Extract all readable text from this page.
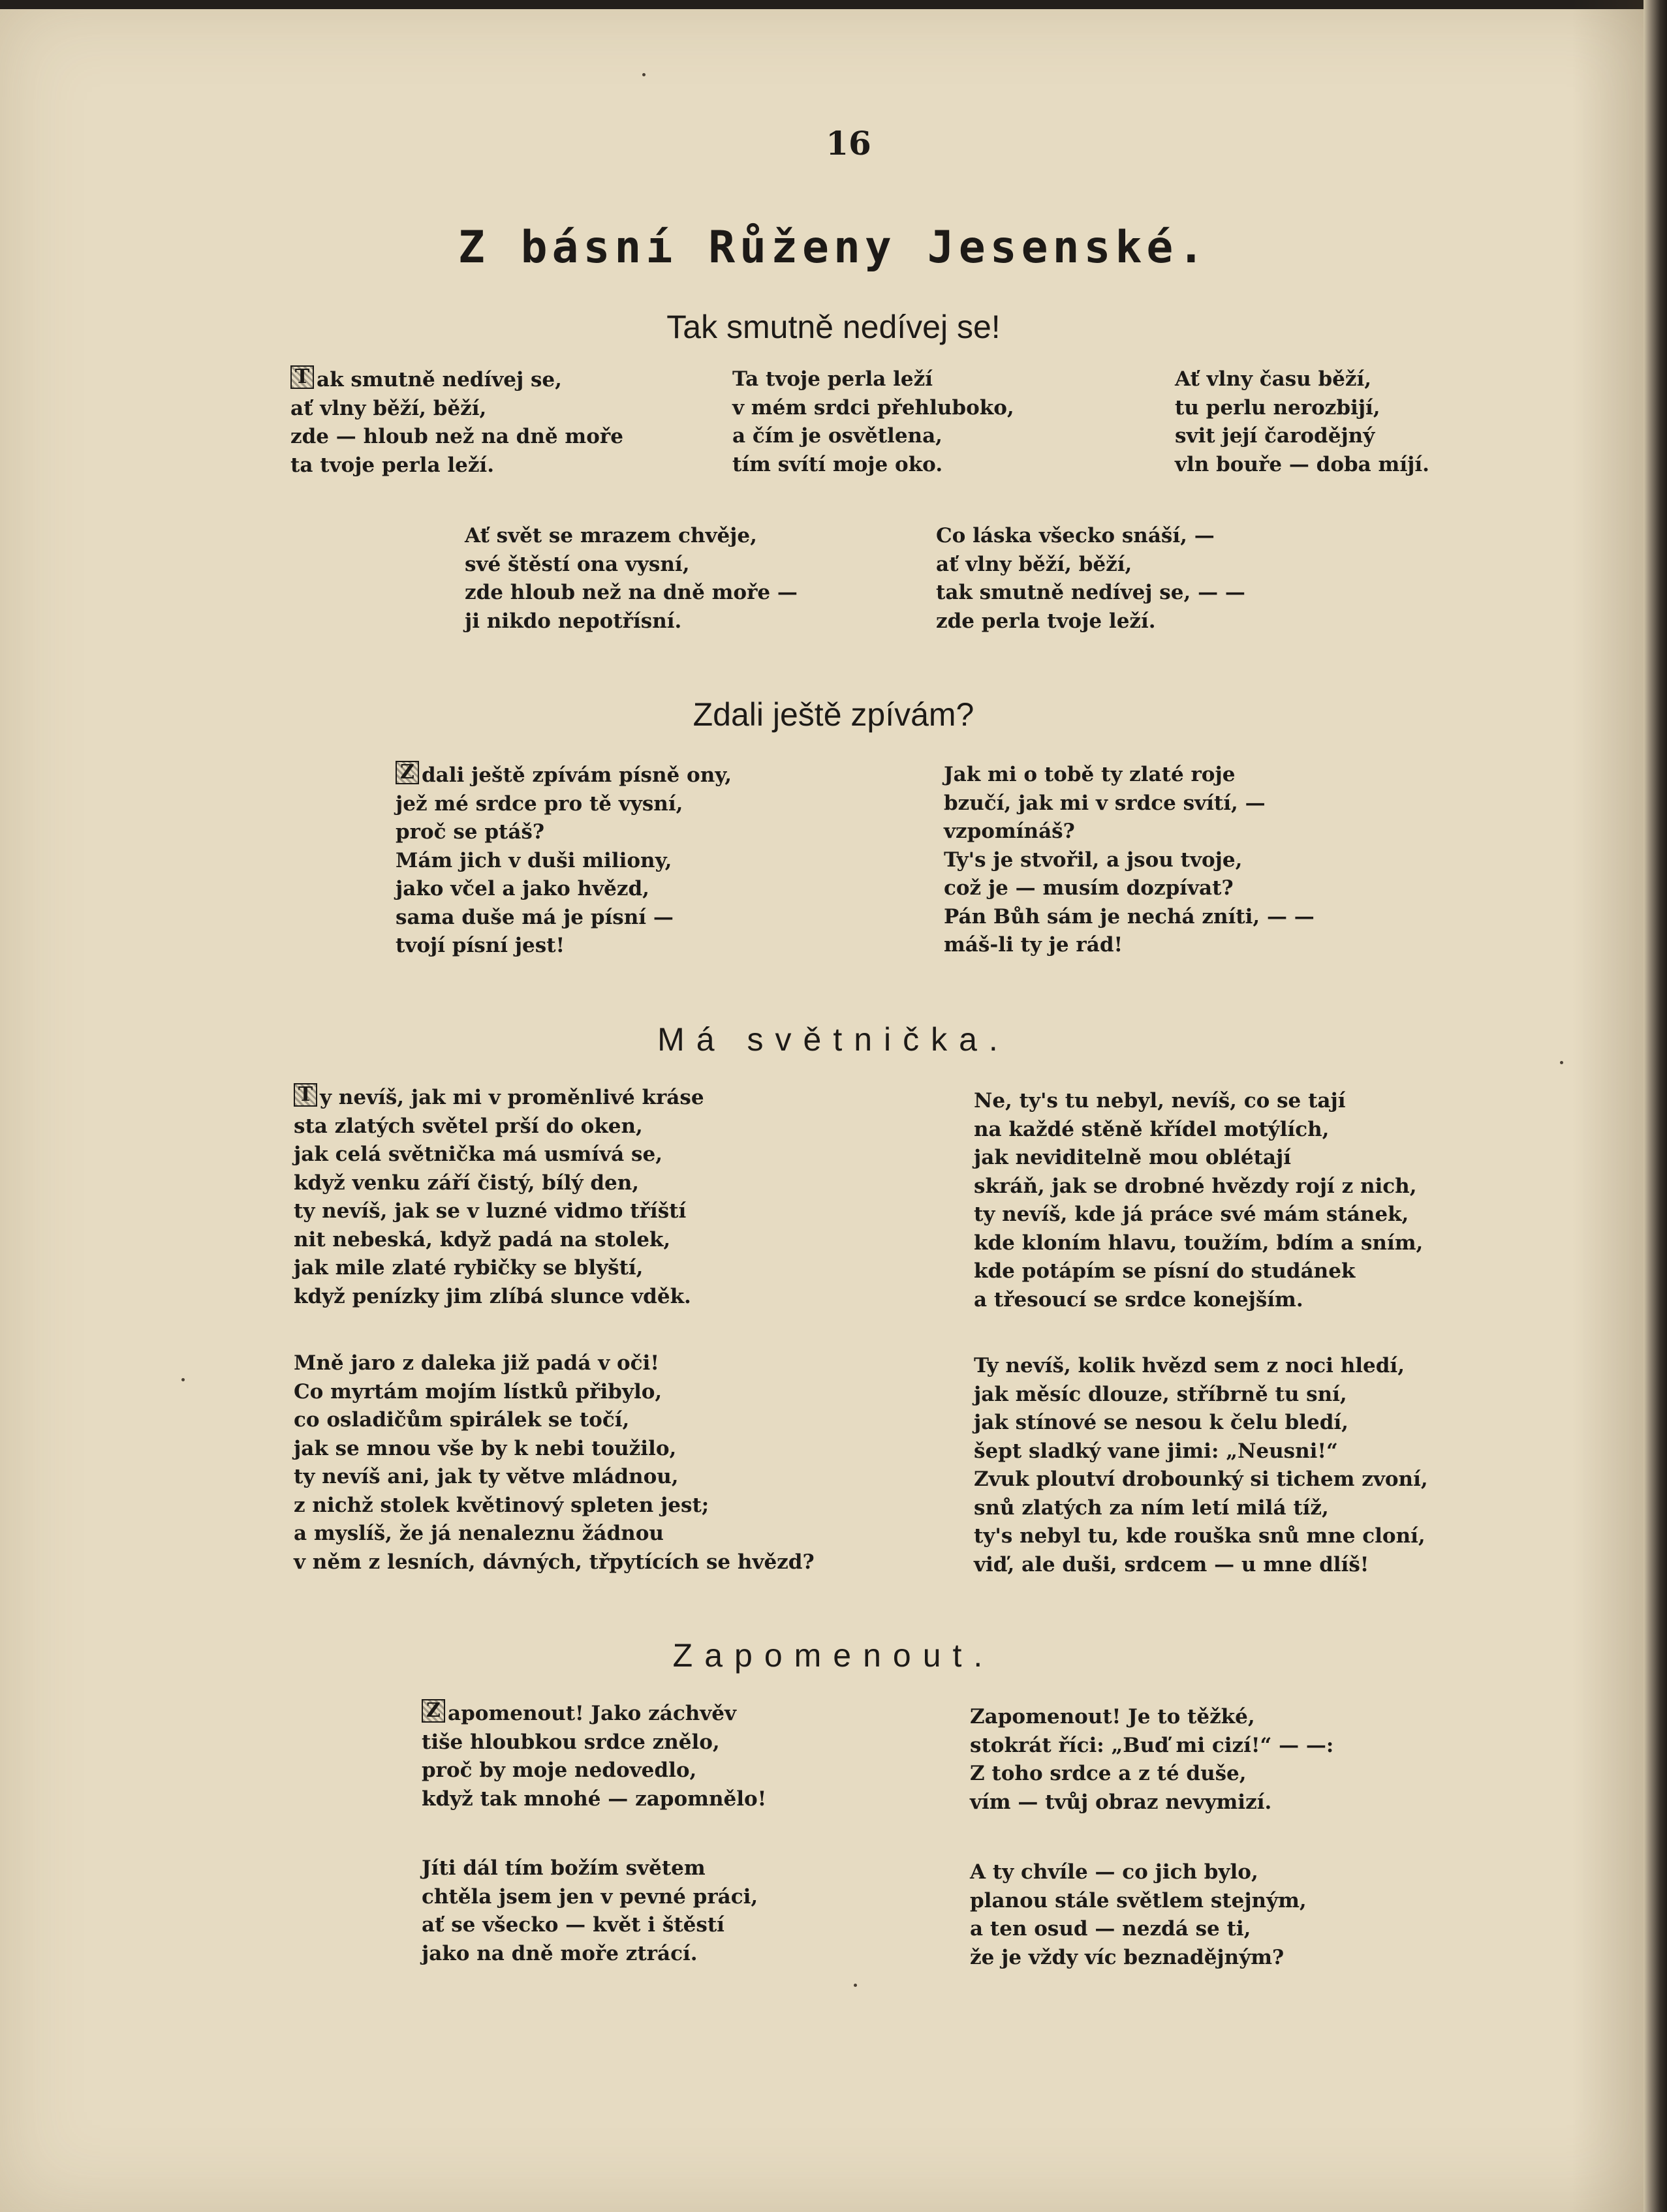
16
Z básní Růženy Jesenské.
Tak smutně nedívej se!
T ak smutně nedívej se,
ať vlny běží, běží,
zde — hloub než na dně moře
ta tvoje perla leží.
Ta tvoje perla leží
v mém srdci přehluboko,
a čím je osvětlena,
tím svítí moje oko.
Ať vlny času běží,
tu perlu nerozbijí,
svit její čarodějný
vln bouře — doba míjí.
Ať svět se mrazem chvěje,
své štěstí ona vysní,
zde hloub než na dně moře —
ji nikdo nepotřísní.
Co láska všecko snáší, —
ať vlny běží, běží,
tak smutně nedívej se, — —
zde perla tvoje leží.
Zdali ještě zpívám?
Z dali ještě zpívám písně ony,
jež mé srdce pro tě vysní,
proč se ptáš?
Mám jich v duši miliony,
jako včel a jako hvězd,
sama duše má je písní —
tvojí písní jest!
Jak mi o tobě ty zlaté roje
bzučí, jak mi v srdce svítí, —
vzpomínáš?
Ty's je stvořil, a jsou tvoje,
což je — musím dozpívat?
Pán Bůh sám je nechá zníti, — —
máš-li ty je rád!
Má světnička.
T y nevíš, jak mi v proměnlivé kráse
sta zlatých světel prší do oken,
jak celá světnička má usmívá se,
když venku září čistý, bílý den,
ty nevíš, jak se v luzné vidmo tříští
nit nebeská, když padá na stolek,
jak mile zlaté rybičky se blyští,
když penízky jim zlíbá slunce vděk.
Ne, ty's tu nebyl, nevíš, co se tají
na každé stěně křídel motýlích,
jak neviditelně mou oblétají
skráň, jak se drobné hvězdy rojí z nich,
ty nevíš, kde já práce své mám stánek,
kde kloním hlavu, toužím, bdím a sním,
kde potápím se písní do studánek
a třesoucí se srdce konejším.
Mně jaro z daleka již padá v oči!
Co myrtám mojím lístků přibylo,
co osladičům spirálek se točí,
jak se mnou vše by k nebi toužilo,
ty nevíš ani, jak ty větve mládnou,
z nichž stolek květinový spleten jest;
a myslíš, že já nenaleznu žádnou
v něm z lesních, dávných, třpytících se hvězd?
Ty nevíš, kolik hvězd sem z noci hledí,
jak měsíc dlouze, stříbrně tu sní,
jak stínové se nesou k čelu bledí,
šept sladký vane jimi: „Neusni!“
Zvuk ploutví drobounký si tichem zvoní,
snů zlatých za ním letí milá tíž,
ty's nebyl tu, kde rouška snů mne cloní,
viď, ale duši, srdcem — u mne dlíš!
Zapomenout.
Z apomenout! Jako záchvěv
tiše hloubkou srdce znělo,
proč by moje nedovedlo,
když tak mnohé — zapomnělo!
Zapomenout! Je to těžké,
stokrát říci: „Buď mi cizí!“ — —:
Z toho srdce a z té duše,
vím — tvůj obraz nevymizí.
Jíti dál tím božím světem
chtěla jsem jen v pevné práci,
ať se všecko — květ i štěstí
jako na dně moře ztrácí.
A ty chvíle — co jich bylo,
planou stále světlem stejným,
a ten osud — nezdá se ti,
že je vždy víc beznadějným?
